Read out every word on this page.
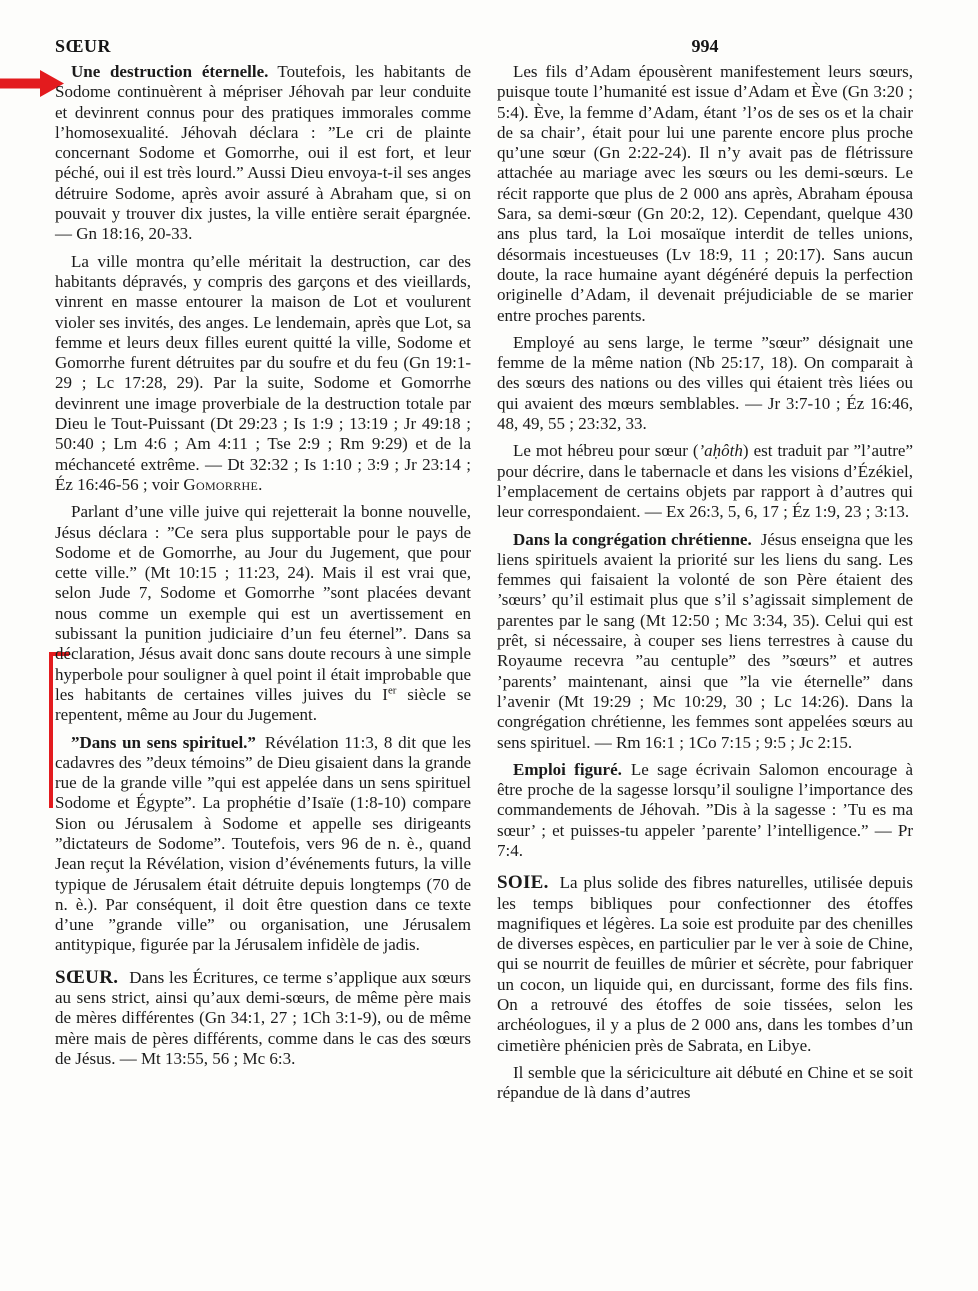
SŒUR	994

Une destruction éternelle. Toutefois, les habitants de Sodome continuèrent à mépriser Jéhovah par leur conduite et devinrent connus pour des pratiques immorales comme l’homosexualité. Jéhovah déclara : ”Le cri de plainte concernant Sodome et Gomorrhe, oui il est fort, et leur péché, oui il est très lourd.” Aussi Dieu envoya-t-il ses anges détruire Sodome, après avoir assuré à Abraham que, si on pouvait y trouver dix justes, la ville entière serait épargnée. — Gn 18:16, 20-33.

La ville montra qu’elle méritait la destruction, car des habitants dépravés, y compris des garçons et des vieillards, vinrent en masse entourer la maison de Lot et voulurent violer ses invités, des anges. Le lendemain, après que Lot, sa femme et leurs deux filles eurent quitté la ville, Sodome et Gomorrhe furent détruites par du soufre et du feu (Gn 19:1-29 ; Lc 17:28, 29). Par la suite, Sodome et Gomorrhe devinrent une image proverbiale de la destruction totale par Dieu le Tout-Puissant (Dt 29:23 ; Is 1:9 ; 13:19 ; Jr 49:18 ; 50:40 ; Lm 4:6 ; Am 4:11 ; Tse 2:9 ; Rm 9:29) et de la méchanceté extrême. — Dt 32:32 ; Is 1:10 ; 3:9 ; Jr 23:14 ; Éz 16:46-56 ; voir Gomorrhe.

Parlant d’une ville juive qui rejetterait la bonne nouvelle, Jésus déclara : ”Ce sera plus supportable pour le pays de Sodome et de Gomorrhe, au Jour du Jugement, que pour cette ville.” (Mt 10:15 ; 11:23, 24). Mais il est vrai que, selon Jude 7, Sodome et Gomorrhe ”sont placées devant nous comme un exemple qui est un avertissement en subissant la punition judiciaire d’un feu éternel”. Dans sa déclaration, Jésus avait donc sans doute recours à une simple hyperbole pour souligner à quel point il était improbable que les habitants de certaines villes juives du Ier siècle se repentent, même au Jour du Jugement.

”Dans un sens spirituel.” Révélation 11:3, 8 dit que les cadavres des ”deux témoins” de Dieu gisaient dans la grande rue de la grande ville ”qui est appelée dans un sens spirituel Sodome et Égypte”. La prophétie d’Isaïe (1:8-10) compare Sion ou Jérusalem à Sodome et appelle ses dirigeants ”dictateurs de Sodome”. Toutefois, vers 96 de n. è., quand Jean reçut la Révélation, vision d’événements futurs, la ville typique de Jérusalem était détruite depuis longtemps (70 de n. è.). Par conséquent, il doit être question dans ce texte d’une ”grande ville” ou organisation, une Jérusalem antitypique, figurée par la Jérusalem infidèle de jadis.

SŒUR. Dans les Écritures, ce terme s’applique aux sœurs au sens strict, ainsi qu’aux demi-sœurs, de même père mais de mères différentes (Gn 34:1, 27 ; 1Ch 3:1-9), ou de même mère mais de pères différents, comme dans le cas des sœurs de Jésus. — Mt 13:55, 56 ; Mc 6:3.

Les fils d’Adam épousèrent manifestement leurs sœurs, puisque toute l’humanité est issue d’Adam et Ève (Gn 3:20 ; 5:4). Ève, la femme d’Adam, étant ’l’os de ses os et la chair de sa chair’, était pour lui une parente encore plus proche qu’une sœur (Gn 2:22-24). Il n’y avait pas de flétrissure attachée au mariage avec les sœurs ou les demi-sœurs. Le récit rapporte que plus de 2 000 ans après, Abraham épousa Sara, sa demi-sœur (Gn 20:2, 12). Cependant, quelque 430 ans plus tard, la Loi mosaïque interdit de telles unions, désormais incestueuses (Lv 18:9, 11 ; 20:17). Sans aucun doute, la race humaine ayant dégénéré depuis la perfection originelle d’Adam, il devenait préjudiciable de se marier entre proches parents.

Employé au sens large, le terme ”sœur” désignait une femme de la même nation (Nb 25:17, 18). On comparait à des sœurs des nations ou des villes qui étaient très liées ou qui avaient des mœurs semblables. — Jr 3:7-10 ; Éz 16:46, 48, 49, 55 ; 23:32, 33.

Le mot hébreu pour sœur (’aḥôth) est traduit par ”l’autre” pour décrire, dans le tabernacle et dans les visions d’Ézékiel, l’emplacement de certains objets par rapport à d’autres qui leur correspondaient. — Ex 26:3, 5, 6, 17 ; Éz 1:9, 23 ; 3:13.

Dans la congrégation chrétienne. Jésus enseigna que les liens spirituels avaient la priorité sur les liens du sang. Les femmes qui faisaient la volonté de son Père étaient des ’sœurs’ qu’il estimait plus que s’il s’agissait simplement de parentes par le sang (Mt 12:50 ; Mc 3:34, 35). Celui qui est prêt, si nécessaire, à couper ses liens terrestres à cause du Royaume recevra ”au centuple” des ”sœurs” et autres ’parents’ maintenant, ainsi que ”la vie éternelle” dans l’avenir (Mt 19:29 ; Mc 10:29, 30 ; Lc 14:26). Dans la congrégation chrétienne, les femmes sont appelées sœurs au sens spirituel. — Rm 16:1 ; 1Co 7:15 ; 9:5 ; Jc 2:15.

Emploi figuré. Le sage écrivain Salomon encourage à être proche de la sagesse lorsqu’il souligne l’importance des commandements de Jéhovah. ”Dis à la sagesse : ’Tu es ma sœur’ ; et puisses-tu appeler ’parente’ l’intelligence.” — Pr 7:4.

SOIE. La plus solide des fibres naturelles, utilisée depuis les temps bibliques pour confectionner des étoffes magnifiques et légères. La soie est produite par des chenilles de diverses espèces, en particulier par le ver à soie de Chine, qui se nourrit de feuilles de mûrier et sécrète, pour fabriquer un cocon, un liquide qui, en durcissant, forme des fils fins. On a retrouvé des étoffes de soie tissées, selon les archéologues, il y a plus de 2 000 ans, dans les tombes d’un cimetière phénicien près de Sabrata, en Libye.

Il semble que la sériciculture ait débuté en Chine et se soit répandue de là dans d’autres
